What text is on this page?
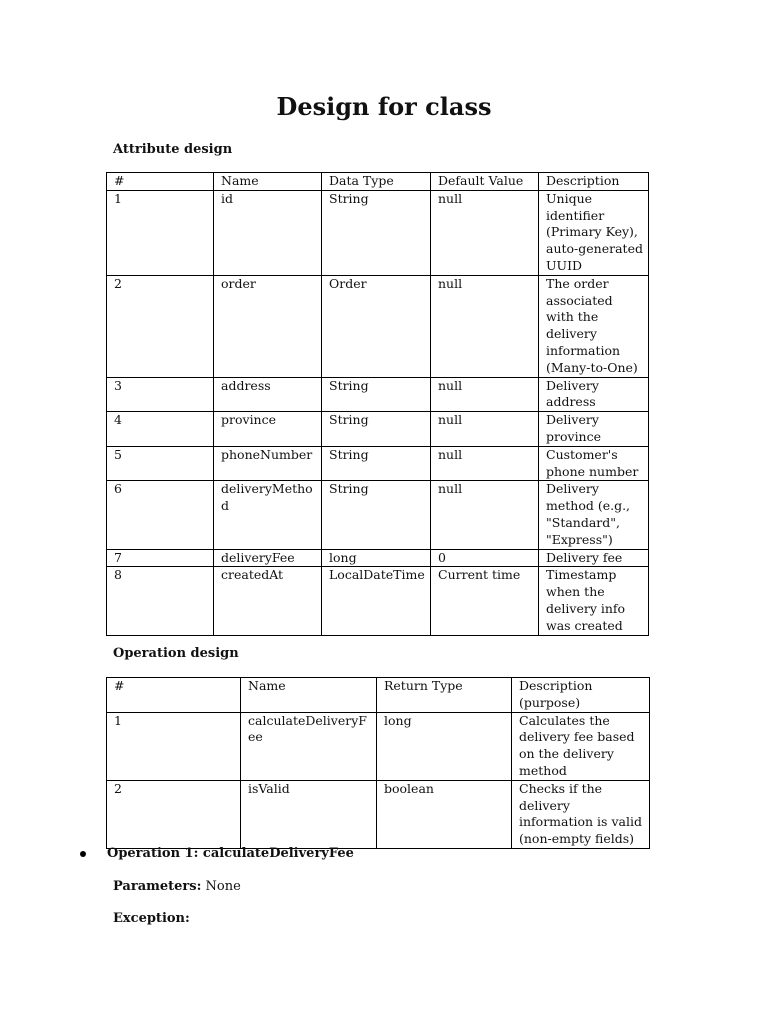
Design for class

Attribute design

#	Name	Data Type	Default Value	Description
1	id	String	null	Unique identifier (Primary Key), auto-generated UUID
2	order	Order	null	The order associated with the delivery information (Many-to-One)
3	address	String	null	Delivery address
4	province	String	null	Delivery province
5	phoneNumber	String	null	Customer's phone number
6	deliveryMethod	String	null	Delivery method (e.g., "Standard", "Express")
7	deliveryFee	long	0	Delivery fee
8	createdAt	LocalDateTime	Current time	Timestamp when the delivery info was created

Operation design

#	Name	Return Type	Description (purpose)
1	calculateDeliveryFee	long	Calculates the delivery fee based on the delivery method
2	isValid	boolean	Checks if the delivery information is valid (non-empty fields)
Operation 1: calculateDeliveryFee
Parameters: None
Exception:
